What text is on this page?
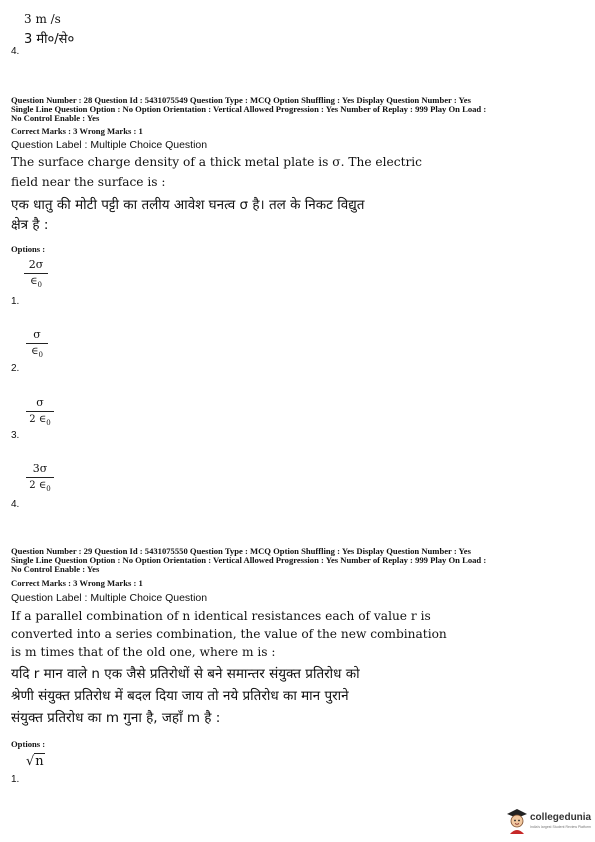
3 m /s
3 मी०/से०
4.
Question Number : 28 Question Id : 5431075549 Question Type : MCQ Option Shuffling : Yes Display Question Number : Yes
Single Line Question Option : No Option Orientation : Vertical Allowed Progression : Yes Number of Replay : 999 Play On Load :
No Control Enable : Yes
Correct Marks : 3 Wrong Marks : 1
Question Label : Multiple Choice Question
The surface charge density of a thick metal plate is σ. The electric
field near the surface is :
एक धातु की मोटी पट्टी का तलीय आवेश घनत्व σ है। तल के निकट विद्युत
क्षेत्र है :
Options :
2σ
$\in_0$
1.
σ
$\in_0$
2.
σ
2 $\in_0$
3.
3σ
2 $\in_0$
4.
Question Number : 29 Question Id : 5431075550 Question Type : MCQ Option Shuffling : Yes Display Question Number : Yes
Single Line Question Option : No Option Orientation : Vertical Allowed Progression : Yes Number of Replay : 999 Play On Load :
No Control Enable : Yes
Correct Marks : 3 Wrong Marks : 1
Question Label : Multiple Choice Question
If a parallel combination of n identical resistances each of value r is
converted into a series combination, the value of the new combination
is m times that of the old one, where m is :
यदि r मान वाले n एक जैसे प्रतिरोधों से बने समान्तर संयुक्त प्रतिरोध को
श्रेणी संयुक्त प्रतिरोध में बदल दिया जाय तो नये प्रतिरोध का मान पुराने
संयुक्त प्रतिरोध का m गुना है, जहाँ m है :
Options :
√n
1.
collegedunia
India's largest Student Review Platform
